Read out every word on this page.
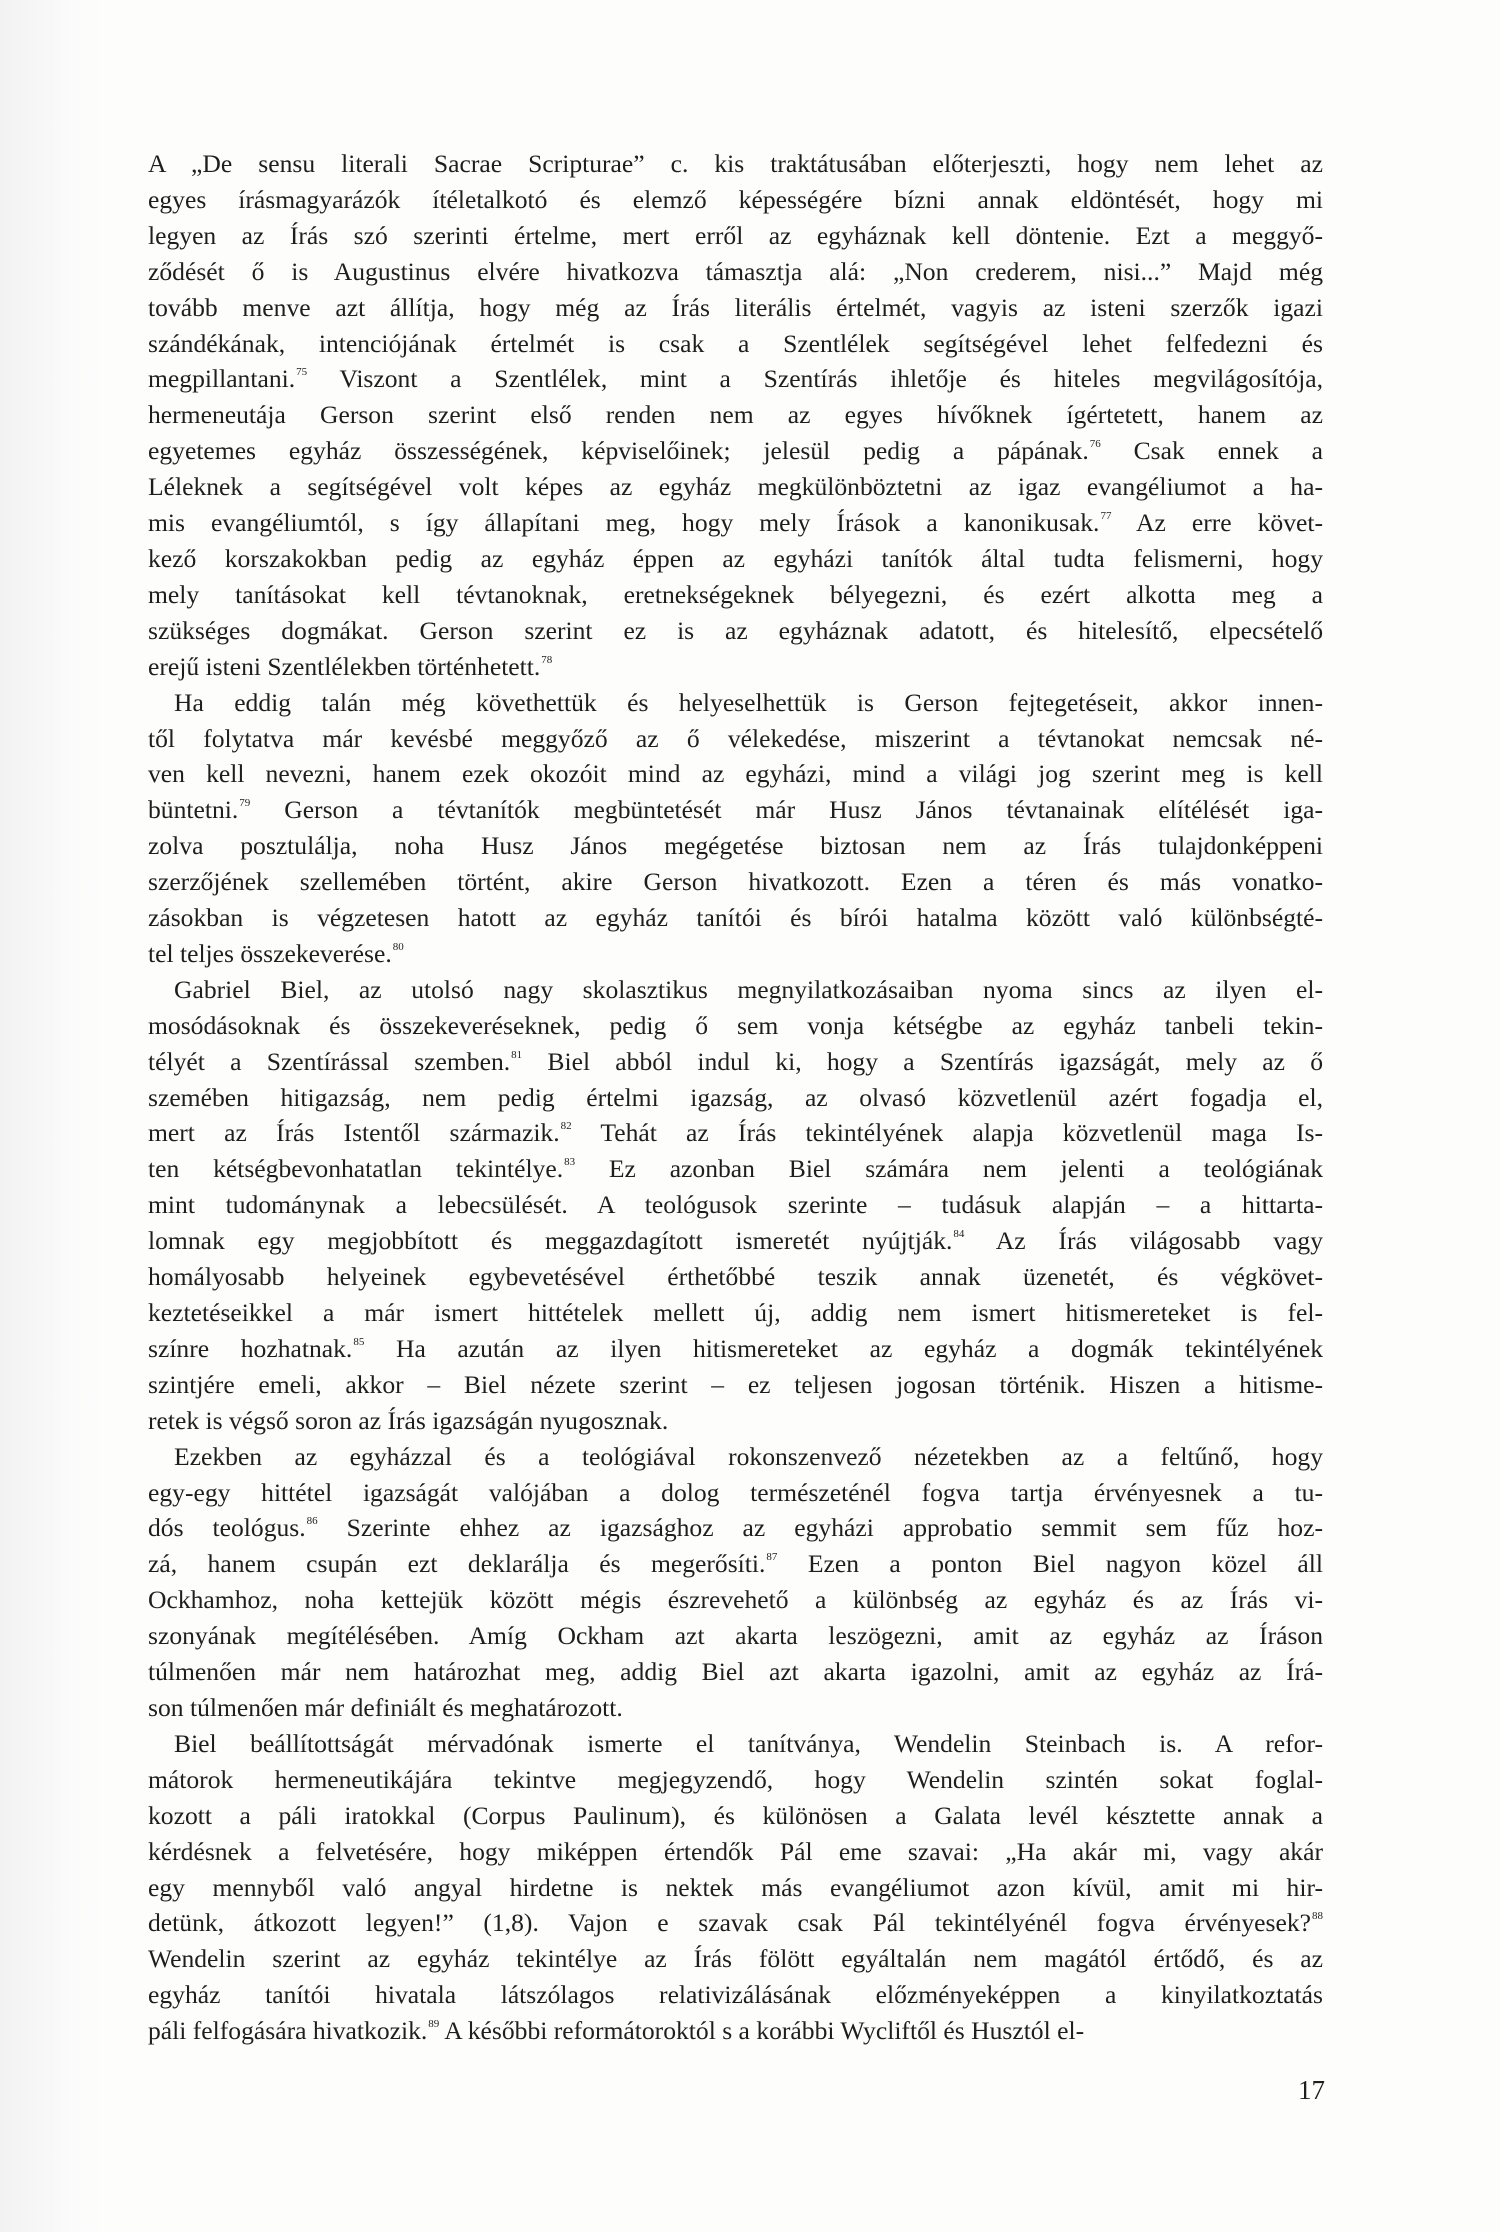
A „De sensu literali Sacrae Scripturae” c. kis traktátusában előterjeszti, hogy nem lehet az
egyes írásmagyarázók ítéletalkotó és elemző képességére bízni annak eldöntését, hogy mi
legyen az Írás szó szerinti értelme, mert erről az egyháznak kell döntenie. Ezt a meggyő-
ződését ő is Augustinus elvére hivatkozva támasztja alá: „Non crederem, nisi...” Majd még
tovább menve azt állítja, hogy még az Írás literális értelmét, vagyis az isteni szerzők igazi
szándékának, intenciójának értelmét is csak a Szentlélek segítségével lehet felfedezni és
megpillantani.$^{75}$ Viszont a Szentlélek, mint a Szentírás ihletője és hiteles megvilágosítója,
hermeneutája Gerson szerint első renden nem az egyes hívőknek ígértetett, hanem az
egyetemes egyház összességének, képviselőinek; jelesül pedig a pápának.$^{76}$ Csak ennek a
Léleknek a segítségével volt képes az egyház megkülönböztetni az igaz evangéliumot a ha-
mis evangéliumtól, s így állapítani meg, hogy mely Írások a kanonikusak.$^{77}$ Az erre követ-
kező korszakokban pedig az egyház éppen az egyházi tanítók által tudta felismerni, hogy
mely tanításokat kell tévtanoknak, eretnekségeknek bélyegezni, és ezért alkotta meg a
szükséges dogmákat. Gerson szerint ez is az egyháznak adatott, és hitelesítő, elpecsételő
erejű isteni Szentlélekben történhetett.$^{78}$
Ha eddig talán még követhettük és helyeselhettük is Gerson fejtegetéseit, akkor innen-
től folytatva már kevésbé meggyőző az ő vélekedése, miszerint a tévtanokat nemcsak né-
ven kell nevezni, hanem ezek okozóit mind az egyházi, mind a világi jog szerint meg is kell
büntetni.$^{79}$ Gerson a tévtanítók megbüntetését már Husz János tévtanainak elítélését iga-
zolva posztulálja, noha Husz János megégetése biztosan nem az Írás tulajdonképpeni
szerzőjének szellemében történt, akire Gerson hivatkozott. Ezen a téren és más vonatko-
zásokban is végzetesen hatott az egyház tanítói és bírói hatalma között való különbségté-
tel teljes összekeverése.$^{80}$
Gabriel Biel, az utolsó nagy skolasztikus megnyilatkozásaiban nyoma sincs az ilyen el-
mosódásoknak és összekeveréseknek, pedig ő sem vonja kétségbe az egyház tanbeli tekin-
télyét a Szentírással szemben.$^{81}$ Biel abból indul ki, hogy a Szentírás igazságát, mely az ő
szemében hitigazság, nem pedig értelmi igazság, az olvasó közvetlenül azért fogadja el,
mert az Írás Istentől származik.$^{82}$ Tehát az Írás tekintélyének alapja közvetlenül maga Is-
ten kétségbevonhatatlan tekintélye.$^{83}$ Ez azonban Biel számára nem jelenti a teológiának
mint tudománynak a lebecsülését. A teológusok szerinte – tudásuk alapján – a hittarta-
lomnak egy megjobbított és meggazdagított ismeretét nyújtják.$^{84}$ Az Írás világosabb vagy
homályosabb helyeinek egybevetésével érthetőbbé teszik annak üzenetét, és végkövet-
keztetéseikkel a már ismert hittételek mellett új, addig nem ismert hitismereteket is fel-
színre hozhatnak.$^{85}$ Ha azután az ilyen hitismereteket az egyház a dogmák tekintélyének
szintjére emeli, akkor – Biel nézete szerint – ez teljesen jogosan történik. Hiszen a hitisme-
retek is végső soron az Írás igazságán nyugosznak.
Ezekben az egyházzal és a teológiával rokonszenvező nézetekben az a feltűnő, hogy
egy-egy hittétel igazságát valójában a dolog természeténél fogva tartja érvényesnek a tu-
dós teológus.$^{86}$ Szerinte ehhez az igazsághoz az egyházi approbatio semmit sem fűz hoz-
zá, hanem csupán ezt deklarálja és megerősíti.$^{87}$ Ezen a ponton Biel nagyon közel áll
Ockhamhoz, noha kettejük között mégis észrevehető a különbség az egyház és az Írás vi-
szonyának megítélésében. Amíg Ockham azt akarta leszögezni, amit az egyház az Íráson
túlmenően már nem határozhat meg, addig Biel azt akarta igazolni, amit az egyház az Írá-
son túlmenően már definiált és meghatározott.
Biel beállítottságát mérvadónak ismerte el tanítványa, Wendelin Steinbach is. A refor-
mátorok hermeneutikájára tekintve megjegyzendő, hogy Wendelin szintén sokat foglal-
kozott a páli iratokkal (Corpus Paulinum), és különösen a Galata levél késztette annak a
kérdésnek a felvetésére, hogy miképpen értendők Pál eme szavai: „Ha akár mi, vagy akár
egy mennyből való angyal hirdetne is nektek más evangéliumot azon kívül, amit mi hir-
detünk, átkozott legyen!” (1,8). Vajon e szavak csak Pál tekintélyénél fogva érvényesek?$^{88}$
Wendelin szerint az egyház tekintélye az Írás fölött egyáltalán nem magától értődő, és az
egyház tanítói hivatala látszólagos relativizálásának előzményeképpen a kinyilatkoztatás
páli felfogására hivatkozik.$^{89}$ A későbbi reformátoroktól s a korábbi Wycliftől és Husztól el-
17
